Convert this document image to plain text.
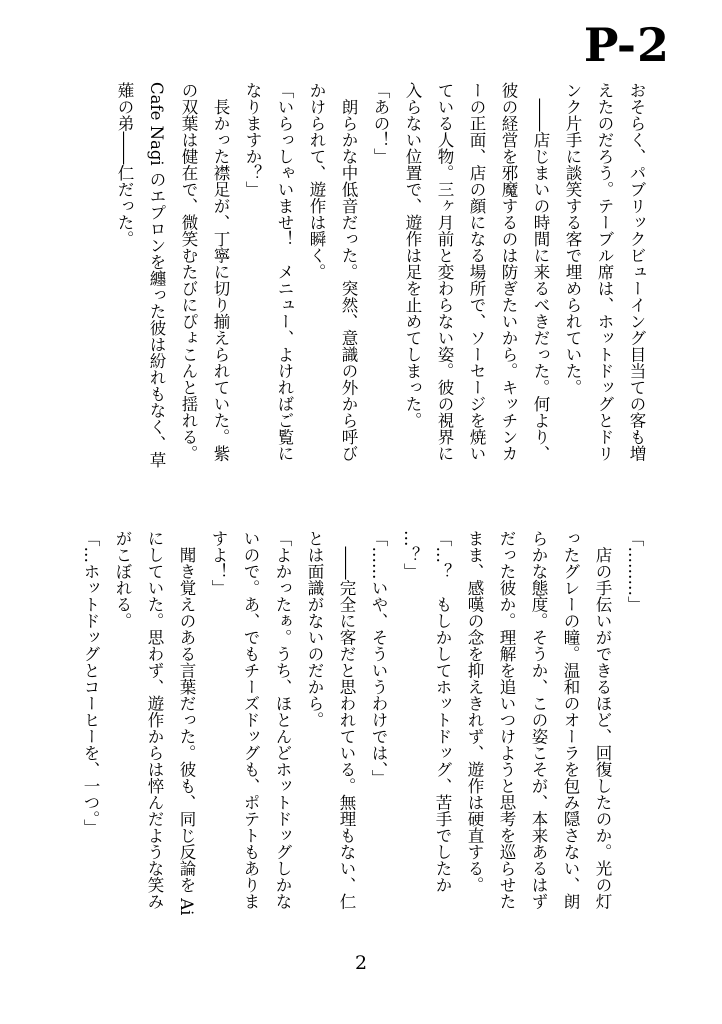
P-2
おそらく、パブリックビューイング目当ての客も増
えたのだろう。テーブル席は、ホットドッグとドリ
ンク片手に談笑する客で埋められていた。
　――店じまいの時間に来るべきだった。何より、
彼の経営を邪魔するのは防ぎたいから。キッチンカ
ーの正面、店の顔になる場所で、ソーセージを焼い
ている人物。三ヶ月前と変わらない姿。彼の視界に
入らない位置で、遊作は足を止めてしまった。
「あの！」
　朗らかな中低音だった。突然、意識の外から呼び
かけられて、遊作は瞬く。
「いらっしゃいませ！　メニュー、よければご覧に
なりますか？」
　長かった襟足が、丁寧に切り揃えられていた。紫
の双葉は健在で、微笑むたびにぴょこんと揺れる。
Cafe Nagi のエプロンを纏った彼は紛れもなく、草
薙の弟――仁だった。
「………」
　店の手伝いができるほど、回復したのか。光の灯
ったグレーの瞳。温和のオーラを包み隠さない、朗
らかな態度。そうか、この姿こそが、本来あるはず
だった彼か。理解を追いつけようと思考を巡らせた
まま、感嘆の念を抑えきれず、遊作は硬直する。
「…？　もしかしてホットドッグ、苦手でしたか
…？」
「……いや、そういうわけでは、」
　――完全に客だと思われている。無理もない、仁
とは面識がないのだから。
「よかったぁ。うち、ほとんどホットドッグしかな
いので。あ、でもチーズドッグも、ポテトもありま
すよ！」
　聞き覚えのある言葉だった。彼も、同じ反論を Ai
にしていた。思わず、遊作からは悴んだような笑み
がこぼれる。
「…ホットドッグとコーヒーを、一つ。」
2
